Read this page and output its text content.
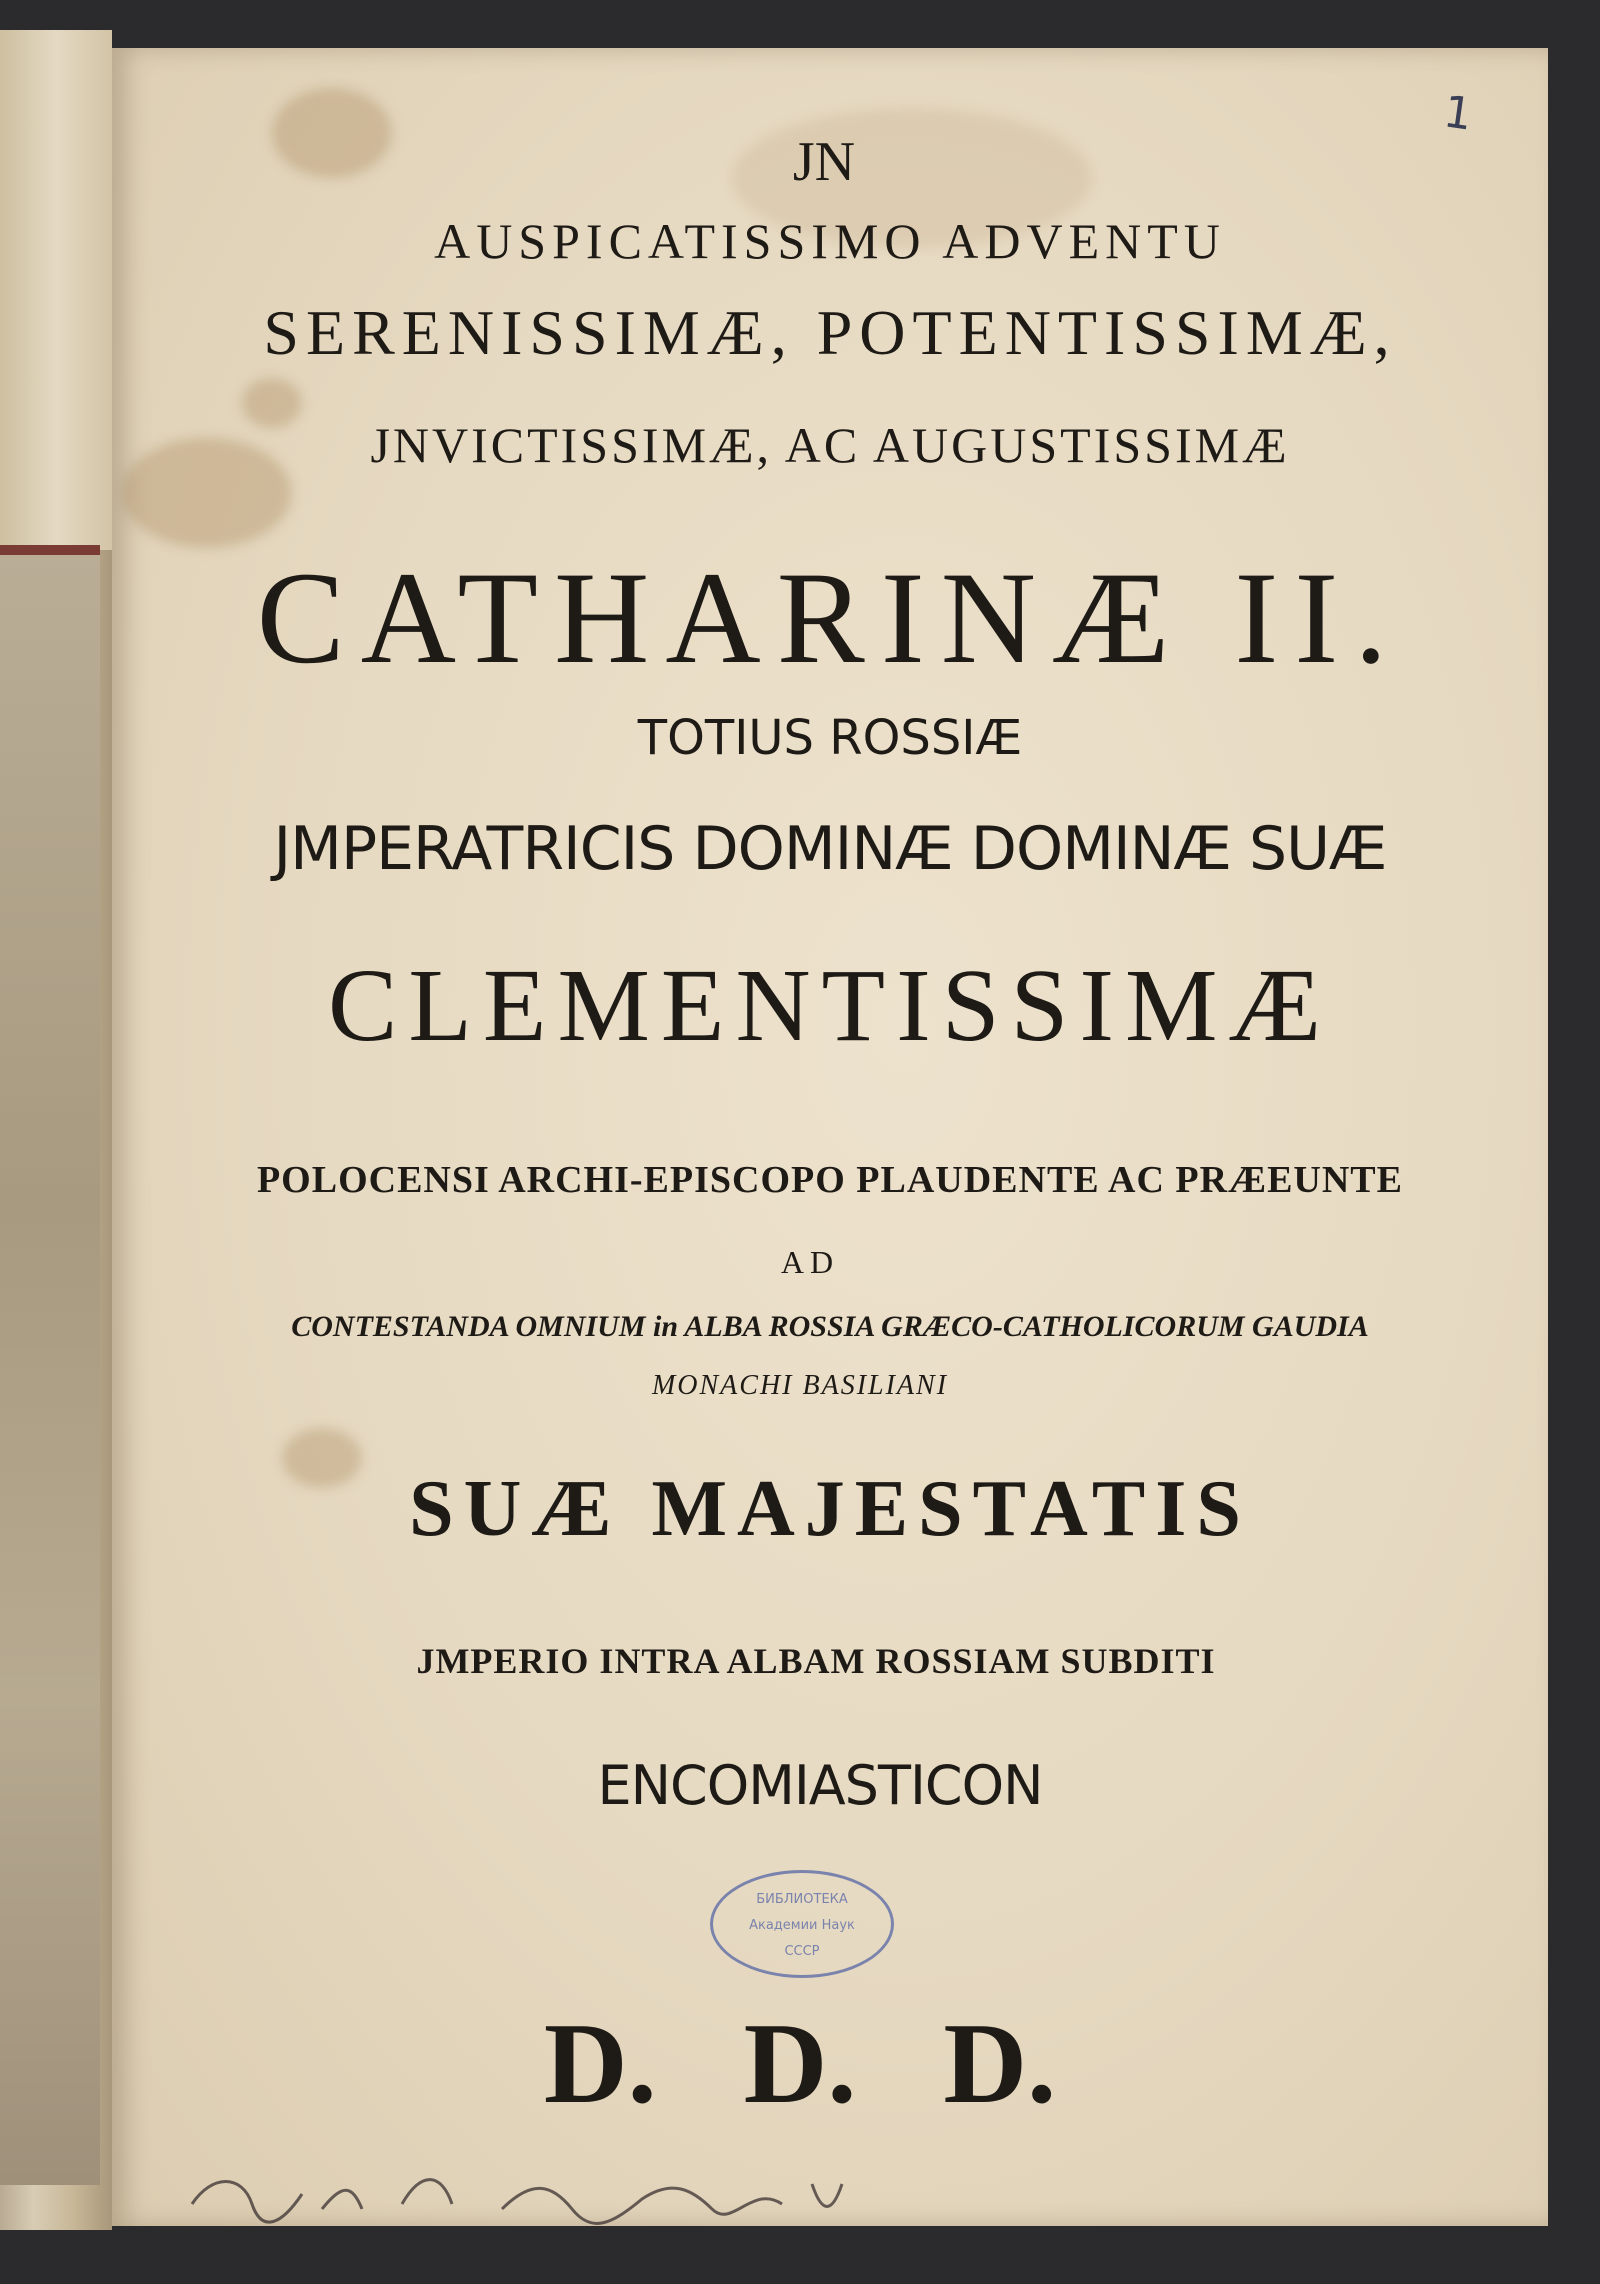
1
JN
AUSPICATISSIMO ADVENTU
SERENISSIMÆ, POTENTISSIMÆ,
JNVICTISSIMÆ, AC AUGUSTISSIMÆ
CATHARINÆ II.
TOTIUS ROSSIÆ
JMPERATRICIS DOMINÆ DOMINÆ SUÆ
CLEMENTISSIMÆ
POLOCENSI ARCHI-EPISCOPO PLAUDENTE AC PRÆEUNTE
AD
CONTESTANDA OMNIUM in ALBA ROSSIA GRÆCO-CATHOLICORUM GAUDIA
MONACHI BASILIANI
SUÆ MAJESTATIS
JMPERIO INTRA ALBAM ROSSIAM SUBDITI
ENCOMIASTICON
БИБЛИОТЕКА
Академии Наук
СССР
D.   D.   D.
